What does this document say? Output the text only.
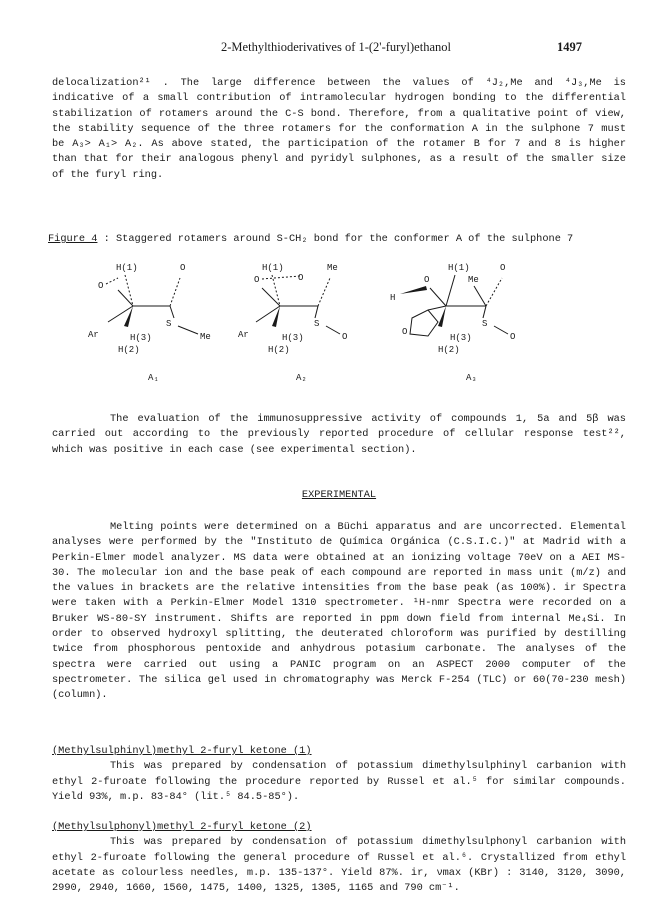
2-Methylthioderivatives of 1-(2'-furyl)ethanol	1497

delocalization²¹ . The large difference between the values of ⁴J₂,Me and ⁴J₃,Me is indicative of a small contribution of intramolecular hydrogen bonding to the differential stabilization of rotamers around the C-S bond. Therefore, from a qualitative point of view, the stability sequence of the three rotamers for the conformation A in the sulphone 7 must be A₃> A₁> A₂. As above stated, the participation of the rotamer B for 7 and 8 is higher than that for their analogous phenyl and pyridyl sulphones, as a result of the smaller size of the furyl ring.

Figure 4 : Staggered rotamers around S-CH₂ bond for the conformer A of the sulphone 7
H(1)	O
O
S
Me
Ar	H(3)
H(2)
A₁
H(1)	Me
O	O
S
O
Ar	H(3)
H(2)
A₂
H(1)	O
Me
O
S
O
H
O
H(3)
H(2)
A₃

The evaluation of the immunosuppressive activity of compounds 1, 5a and 5β was carried out according to the previously reported procedure of cellular response test²², which was positive in each case (see experimental section).

EXPERIMENTAL

Melting points were determined on a Büchi apparatus and are uncorrected. Elemental analyses were performed by the "Instituto de Química Orgánica (C.S.I.C.)" at Madrid with a Perkin-Elmer model analyzer. MS data were obtained at an ionizing voltage 70eV on a AEI MS-30. The molecular ion and the base peak of each compound are reported in mass unit (m/z) and the values in brackets are the relative intensities from the base peak (as 100%). ir Spectra were taken with a Perkin-Elmer Model 1310 spectrometer. ¹H-nmr Spectra were recorded on a Bruker WS-80-SY instrument. Shifts are reported in ppm down field from internal Me₄Si. In order to observed hydroxyl splitting, the deuterated chloroform was purified by destilling twice from phosphorous pentoxide and anhydrous potasium carbonate. The analyses of the spectra were carried out using a PANIC program on an ASPECT 2000 computer of the spectrometer. The silica gel used in chromatography was Merck F-254 (TLC) or 60(70-230 mesh) (column).

(Methylsulphinyl)methyl 2-furyl ketone (1)

This was prepared by condensation of potassium dimethylsulphinyl carbanion with ethyl 2-furoate following the procedure reported by Russel et al.⁵ for similar compounds. Yield 93%, m.p. 83-84° (lit.⁵ 84.5-85°).

(Methylsulphonyl)methyl 2-furyl ketone (2)

This was prepared by condensation of potassium dimethylsulphonyl carbanion with ethyl 2-furoate following the general procedure of Russel et al.⁶. Crystallized from ethyl acetate as colourless needles, m.p. 135-137°. Yield 87%. ir, νmax (KBr) : 3140, 3120, 3090, 2990, 2940, 1660, 1560, 1475, 1400, 1325, 1305, 1165 and 790 cm⁻¹.
